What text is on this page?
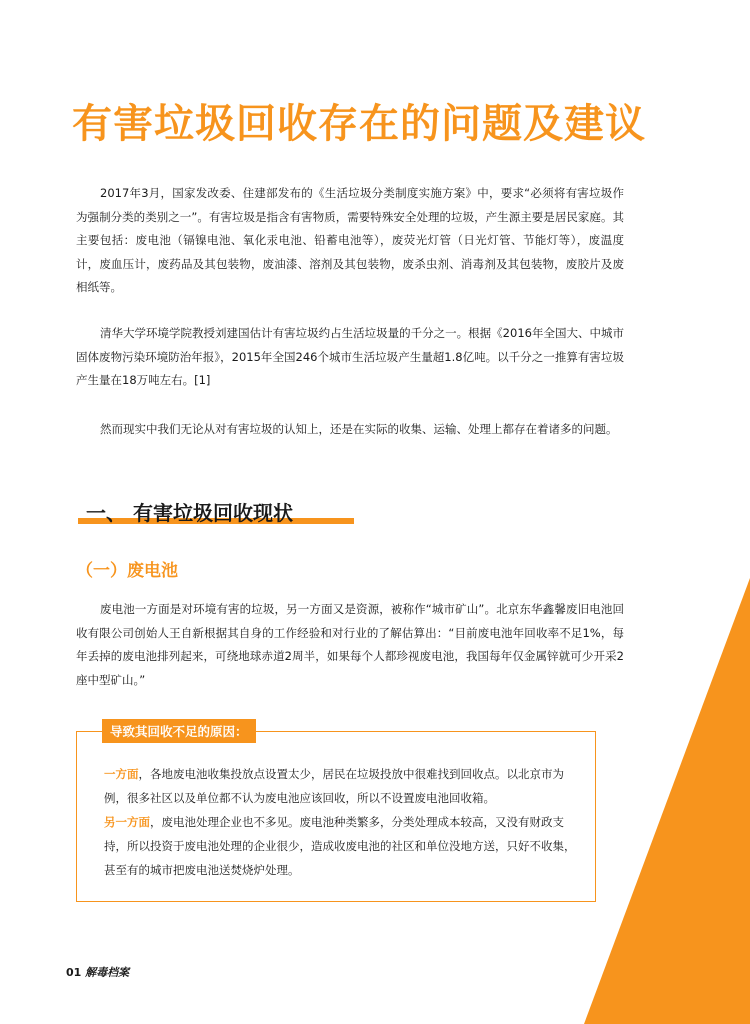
有害垃圾回收存在的问题及建议

2017年3月，国家发改委、住建部发布的《生活垃圾分类制度实施方案》中，要求“必须将有害垃圾作为强制分类的类别之一”。有害垃圾是指含有害物质，需要特殊安全处理的垃圾，产生源主要是居民家庭。其主要包括：废电池（镉镍电池、氧化汞电池、铅蓄电池等），废荧光灯管（日光灯管、节能灯等），废温度计，废血压计，废药品及其包装物，废油漆、溶剂及其包装物，废杀虫剂、消毒剂及其包装物，废胶片及废相纸等。

清华大学环境学院教授刘建国估计有害垃圾约占生活垃圾量的千分之一。根据《2016年全国大、中城市固体废物污染环境防治年报》，2015年全国246个城市生活垃圾产生量超1.8亿吨。以千分之一推算有害垃圾产生量在18万吨左右。[1]

然而现实中我们无论从对有害垃圾的认知上，还是在实际的收集、运输、处理上都存在着诸多的问题。

一、 有害垃圾回收现状
（一）废电池

废电池一方面是对环境有害的垃圾，另一方面又是资源，被称作“城市矿山”。北京东华鑫馨废旧电池回收有限公司创始人王自新根据其自身的工作经验和对行业的了解估算出：“目前废电池年回收率不足1%，每年丢掉的废电池排列起来，可绕地球赤道2周半，如果每个人都珍视废电池，我国每年仅金属锌就可少开采2座中型矿山。”

导致其回收不足的原因：

一方面，各地废电池收集投放点设置太少，居民在垃圾投放中很难找到回收点。以北京市为例，很多社区以及单位都不认为废电池应该回收，所以不设置废电池回收箱。
另一方面，废电池处理企业也不多见。废电池种类繁多，分类处理成本较高，又没有财政支持，所以投资于废电池处理的企业很少，造成收废电池的社区和单位没地方送，只好不收集，甚至有的城市把废电池送焚烧炉处理。

01 解毒档案
